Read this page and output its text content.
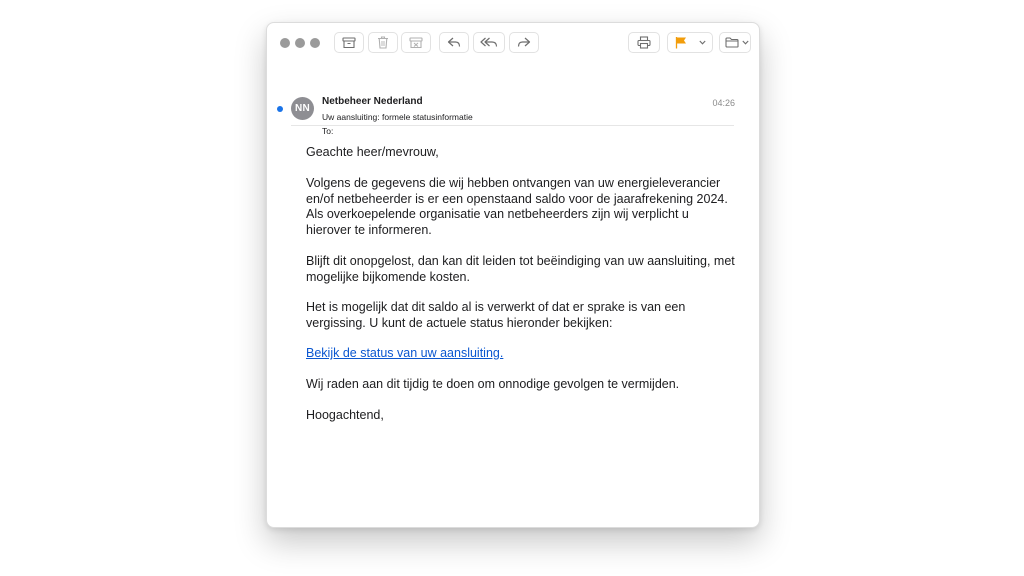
NN
Netbeheer Nederland
Uw aansluiting: formele statusinformatie
To:
04:26

Geachte heer/mevrouw,

Volgens de gegevens die wij hebben ontvangen van uw energieleverancier en/of netbeheerder is er een openstaand saldo voor de jaarafrekening 2024. Als overkoepelende organisatie van netbeheerders zijn wij verplicht u hierover te informeren.

Blijft dit onopgelost, dan kan dit leiden tot beëindiging van uw aansluiting, met mogelijke bijkomende kosten.

Het is mogelijk dat dit saldo al is verwerkt of dat er sprake is van een vergissing. U kunt de actuele status hieronder bekijken:

Bekijk de status van uw aansluiting.

Wij raden aan dit tijdig te doen om onnodige gevolgen te vermijden.

Hoogachtend,
